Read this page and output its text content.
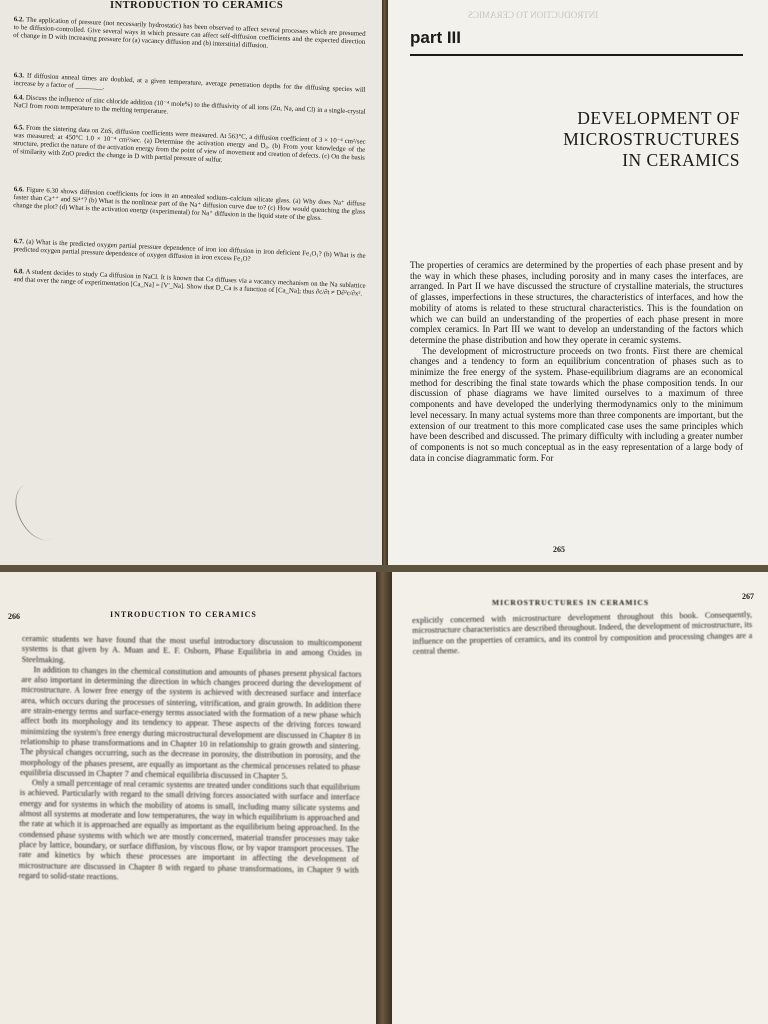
INTRODUCTION TO CERAMICS
6.2. The application of pressure (not necessarily hydrostatic) has been observed to affect several processes which are presumed to be diffusion-controlled. Give several ways in which pressure can affect self-diffusion coefficients and the expected direction of change in D with increasing pressure for (a) vacancy diffusion and (b) interstitial diffusion.
6.3. If diffusion anneal times are doubled, at a given temperature, average penetration depths for the diffusing species will increase by a factor of ________.
6.4. Discuss the influence of zinc chloride addition (10⁻⁴ mole%) to the diffusivity of all ions (Zn, Na, and Cl) in a single-crystal NaCl from room temperature to the melting temperature.
6.5. From the sintering data on ZnS, diffusion coefficients were measured. At 563°C, a diffusion coefficient of 3 × 10⁻⁴ cm²/sec was measured; at 450°C 1.0 × 10⁻⁴ cm²/sec. (a) Determine the activation energy and D₀. (b) From your knowledge of the structure, predict the nature of the activation energy from the point of view of movement and creation of defects. (c) On the basis of similarity with ZnO predict the change in D with partial pressure of sulfur.
6.6. Figure 6.30 shows diffusion coefficients for ions in an annealed sodium–calcium silicate glass. (a) Why does Na⁺ diffuse faster than Ca⁺⁺ and Si⁴⁺? (b) What is the nonlinear part of the Na⁺ diffusion curve due to? (c) How would quenching the glass change the plot? (d) What is the activation energy (experimental) for Na⁺ diffusion in the liquid state of the glass.
6.7. (a) What is the predicted oxygen partial pressure dependence of iron ion diffusion in iron deficient Fe₁O₁? (b) What is the predicted oxygen partial pressure dependence of oxygen diffusion in iron excess Fe₁O?
6.8. A student decides to study Ca diffusion in NaCl. It is known that Ca diffuses via a vacancy mechanism on the Na sublattice and that over the range of experimentation [Ca_Na] = [V'_Na]. Show that D_Ca is a function of [Ca_Na]; thus ∂c/∂t ≠ D∂²c/∂x².
INTRODUCTION TO CERAMICS
part III
DEVELOPMENT OF
MICROSTRUCTURES
IN CERAMICS

The properties of ceramics are determined by the properties of each phase present and by the way in which these phases, including porosity and in many cases the interfaces, are arranged. In Part II we have discussed the structure of crystalline materials, the structures of glasses, imperfections in these structures, the characteristics of interfaces, and how the mobility of atoms is related to these structural characteristics. This is the foundation on which we can build an understanding of the properties of each phase present in more complex ceramics. In Part III we want to develop an understanding of the factors which determine the phase distribution and how they operate in ceramic systems.

The development of microstructure proceeds on two fronts. First there are chemical changes and a tendency to form an equilibrium concentration of phases such as to minimize the free energy of the system. Phase-equilibrium diagrams are an economical method for describing the final state towards which the phase composition tends. In our discussion of phase diagrams we have limited ourselves to a maximum of three components and have developed the underlying thermodynamics only to the minimum level necessary. In many actual systems more than three components are important, but the extension of our treatment to this more complicated case uses the same principles which have been described and discussed. The primary difficulty with including a greater number of components is not so much conceptual as in the easy representation of a large body of data in concise diagrammatic form. For

265
266	INTRODUCTION TO CERAMICS

ceramic students we have found that the most useful introductory discussion to multicomponent systems is that given by A. Muan and E. F. Osborn, Phase Equilibria in and among Oxides in Steelmaking.

In addition to changes in the chemical constitution and amounts of phases present physical factors are also important in determining the direction in which changes proceed during the development of microstructure. A lower free energy of the system is achieved with decreased surface and interface area, which occurs during the processes of sintering, vitrification, and grain growth. In addition there are strain-energy terms and surface-energy terms associated with the formation of a new phase which affect both its morphology and its tendency to appear. These aspects of the driving forces toward minimizing the system's free energy during microstructural development are discussed in Chapter 8 in relationship to phase transformations and in Chapter 10 in relationship to grain growth and sintering. The physical changes occurring, such as the decrease in porosity, the distribution in porosity, and the morphology of the phases present, are equally as important as the chemical processes related to phase equilibria discussed in Chapter 7 and chemical equilibria discussed in Chapter 5.

Only a small percentage of real ceramic systems are treated under conditions such that equilibrium is achieved. Particularly with regard to the small driving forces associated with surface and interface energy and for systems in which the mobility of atoms is small, including many silicate systems and almost all systems at moderate and low temperatures, the way in which equilibrium is approached and the rate at which it is approached are equally as important as the equilibrium being approached. In the condensed phase systems with which we are mostly concerned, material transfer processes may take place by lattice, boundary, or surface diffusion, by viscous flow, or by vapor transport processes. The rate and kinetics by which these processes are important in affecting the development of microstructure are discussed in Chapter 8 with regard to phase transformations, in Chapter 9 with regard to solid-state reactions.

MICROSTRUCTURES IN CERAMICS
267

explicitly concerned with microstructure development throughout this book. Consequently, microstructure characteristics are described throughout. Indeed, the development of microstructure, its influence on the properties of ceramics, and its control by composition and processing changes are a central theme.
